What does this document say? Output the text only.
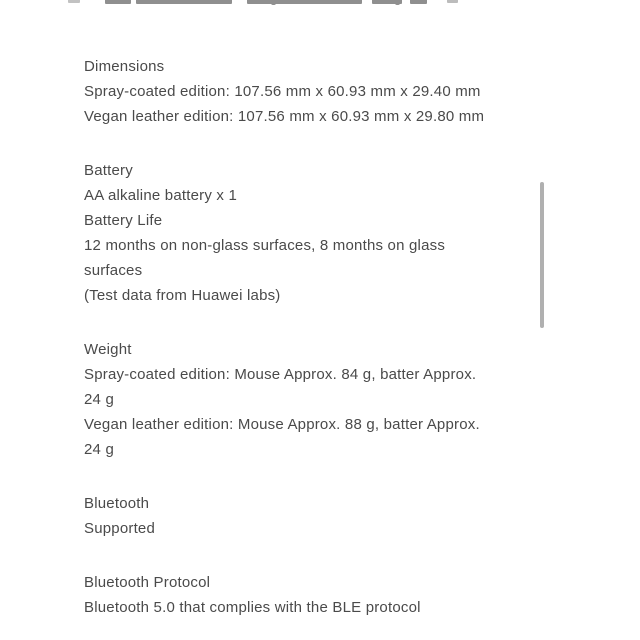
Dimensions
Spray-coated edition: 107.56 mm x 60.93 mm x 29.40 mm
Vegan leather edition: 107.56 mm x 60.93 mm x 29.80 mm
Battery
AA alkaline battery x 1
Battery Life
12 months on non-glass surfaces, 8 months on glass
surfaces
(Test data from Huawei labs)
Weight
Spray-coated edition: Mouse Approx. 84 g, batter Approx.
24 g
Vegan leather edition: Mouse Approx. 88 g, batter Approx.
24 g
Bluetooth
Supported
Bluetooth Protocol
Bluetooth 5.0 that complies with the BLE protocol
